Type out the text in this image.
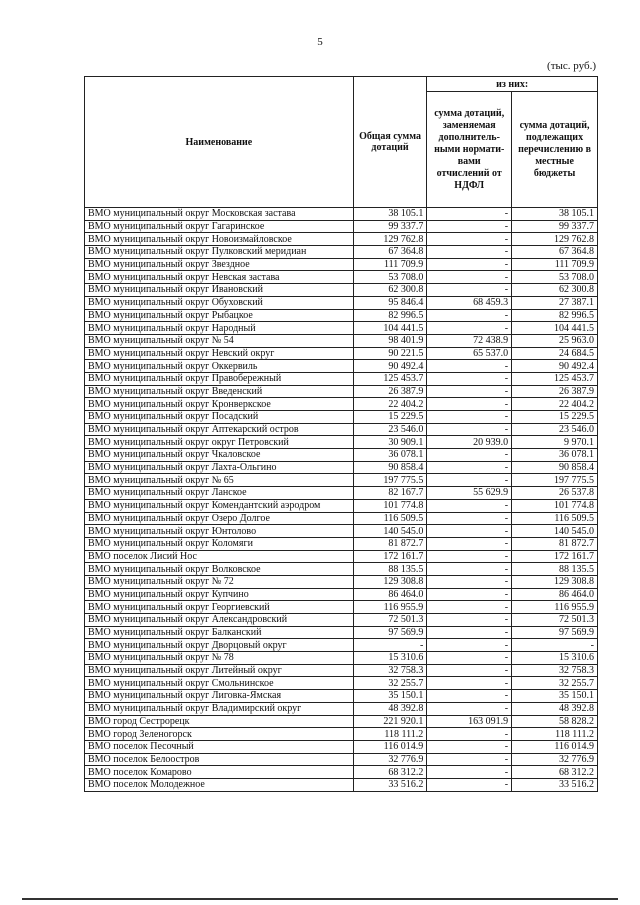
5
(тыс. руб.)
Наименование	Общая сумма дотаций	из них:	
		сумма дотаций, заменяемая дополнитель-ными нормати-вами отчислений от НДФЛ	сумма дотаций, подлежащих перечислению в местные бюджеты
ВМО муниципальный округ Московская застава	38 105.1	-	38 105.1
ВМО муниципальный округ Гагаринское	99 337.7	-	99 337.7
ВМО муниципальный округ Новоизмайловское	129 762.8	-	129 762.8
ВМО муниципальный округ Пулковский меридиан	67 364.8	-	67 364.8
ВМО муниципальный округ Звездное	111 709.9	-	111 709.9
ВМО муниципальный округ Невская застава	53 708.0	-	53 708.0
ВМО муниципальный округ Ивановский	62 300.8	-	62 300.8
ВМО муниципальный округ Обуховский	95 846.4	68 459.3	27 387.1
ВМО муниципальный округ Рыбацкое	82 996.5	-	82 996.5
ВМО муниципальный округ Народный	104 441.5	-	104 441.5
ВМО муниципальный округ № 54	98 401.9	72 438.9	25 963.0
ВМО муниципальный округ Невский округ	90 221.5	65 537.0	24 684.5
ВМО муниципальный округ Оккервиль	90 492.4	-	90 492.4
ВМО муниципальный округ Правобережный	125 453.7	-	125 453.7
ВМО муниципальный округ Введенский	26 387.9	-	26 387.9
ВМО муниципальный округ Кронверкское	22 404.2	-	22 404.2
ВМО муниципальный округ Посадский	15 229.5	-	15 229.5
ВМО муниципальный округ Аптекарский остров	23 546.0	-	23 546.0
ВМО муниципальный округ округ Петровский	30 909.1	20 939.0	9 970.1
ВМО муниципальный округ Чкаловское	36 078.1	-	36 078.1
ВМО муниципальный округ Лахта-Ольгино	90 858.4	-	90 858.4
ВМО муниципальный округ № 65	197 775.5	-	197 775.5
ВМО муниципальный округ Ланское	82 167.7	55 629.9	26 537.8
ВМО муниципальный округ Комендантский аэродром	101 774.8	-	101 774.8
ВМО муниципальный округ Озеро Долгое	116 509.5	-	116 509.5
ВМО муниципальный округ Юнтолово	140 545.0	-	140 545.0
ВМО муниципальный округ Коломяги	81 872.7	-	81 872.7
ВМО поселок Лисий Нос	172 161.7	-	172 161.7
ВМО муниципальный округ Волковское	88 135.5	-	88 135.5
ВМО муниципальный округ № 72	129 308.8	-	129 308.8
ВМО муниципальный округ Купчино	86 464.0	-	86 464.0
ВМО муниципальный округ Георгиевский	116 955.9	-	116 955.9
ВМО муниципальный округ Александровский	72 501.3	-	72 501.3
ВМО муниципальный округ Балканский	97 569.9	-	97 569.9
ВМО муниципальный округ Дворцовый округ	-	-	-
ВМО муниципальный округ № 78	15 310.6	-	15 310.6
ВМО муниципальный округ Литейный округ	32 758.3	-	32 758.3
ВМО муниципальный округ Смольнинское	32 255.7	-	32 255.7
ВМО муниципальный округ Лиговка-Ямская	35 150.1	-	35 150.1
ВМО муниципальный округ Владимирский округ	48 392.8	-	48 392.8
ВМО город Сестрорецк	221 920.1	163 091.9	58 828.2
ВМО город Зеленогорск	118 111.2	-	118 111.2
ВМО поселок Песочный	116 014.9	-	116 014.9
ВМО поселок Белоостров	32 776.9	-	32 776.9
ВМО поселок Комарово	68 312.2	-	68 312.2
ВМО поселок Молодежное	33 516.2	-	33 516.2
